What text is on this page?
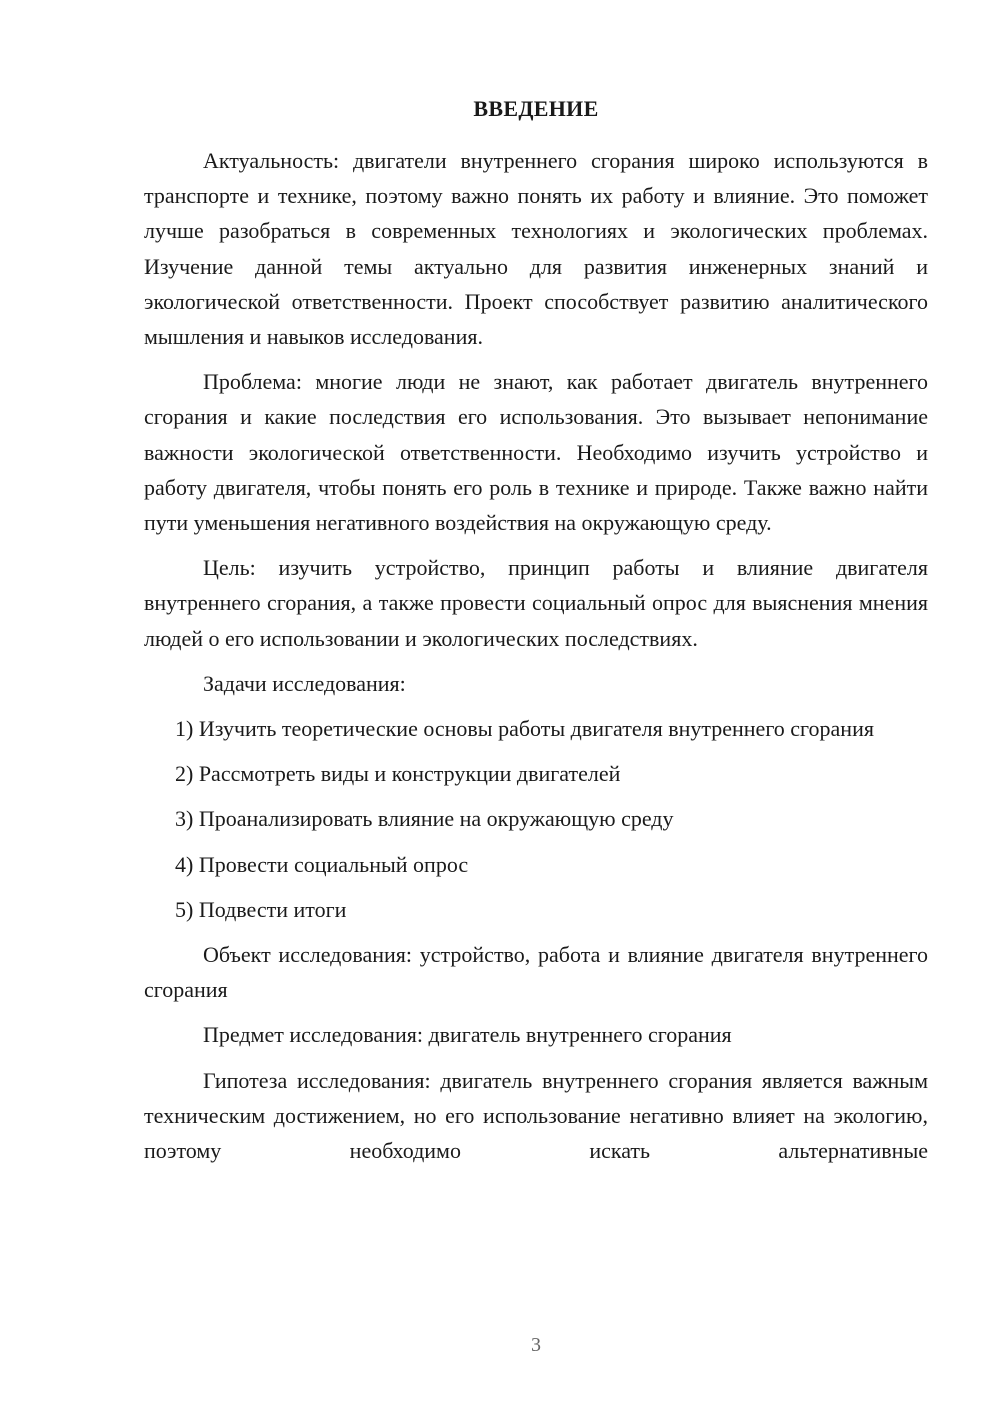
ВВЕДЕНИЕ

Актуальность: двигатели внутреннего сгорания широко используются в транспорте и технике, поэтому важно понять их работу и влияние. Это поможет лучше разобраться в современных технологиях и экологических проблемах. Изучение данной темы актуально для развития инженерных знаний и экологической ответственности. Проект способствует развитию аналитического мышления и навыков исследования.

Проблема: многие люди не знают, как работает двигатель внутреннего сгорания и какие последствия его использования. Это вызывает непонимание важности экологической ответственности. Необходимо изучить устройство и работу двигателя, чтобы понять его роль в технике и природе. Также важно найти пути уменьшения негативного воздействия на окружающую среду.

Цель: изучить устройство, принцип работы и влияние двигателя внутреннего сгорания, а также провести социальный опрос для выяснения мнения людей о его использовании и экологических последствиях.

Задачи исследования:

1) Изучить теоретические основы работы двигателя внутреннего сгорания

2) Рассмотреть виды и конструкции двигателей

3) Проанализировать влияние на окружающую среду

4) Провести социальный опрос

5) Подвести итоги

Объект исследования: устройство, работа и влияние двигателя внутреннего сгорания

Предмет исследования: двигатель внутреннего сгорания

Гипотеза исследования: двигатель внутреннего сгорания является важным техническим достижением, но его использование негативно влияет на экологию, поэтому необходимо искать альтернативные

3
